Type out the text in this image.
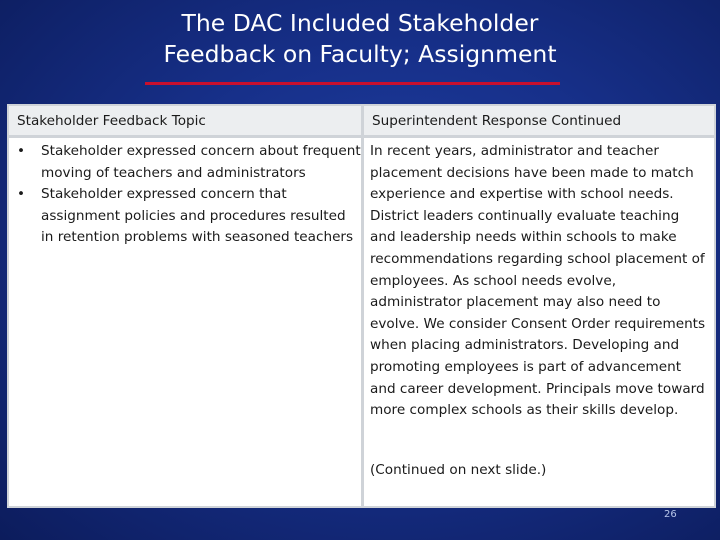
The DAC Included Stakeholder
Feedback on Faculty; Assignment
Stakeholder Feedback Topic	Superintendent Response Continued
• Stakeholder expressed concern about frequent moving of teachers and administrators
• Stakeholder expressed concern that assignment policies and procedures resulted in retention problems with seasoned teachers
In recent years, administrator and teacher placement decisions have been made to match experience and expertise with school needs. District leaders continually evaluate teaching and leadership needs within schools to make recommendations regarding school placement of employees. As school needs evolve, administrator placement may also need to evolve. We consider Consent Order requirements when placing administrators. Developing and promoting employees is part of advancement and career development. Principals move toward more complex schools as their skills develop.
(Continued on next slide.)
26
